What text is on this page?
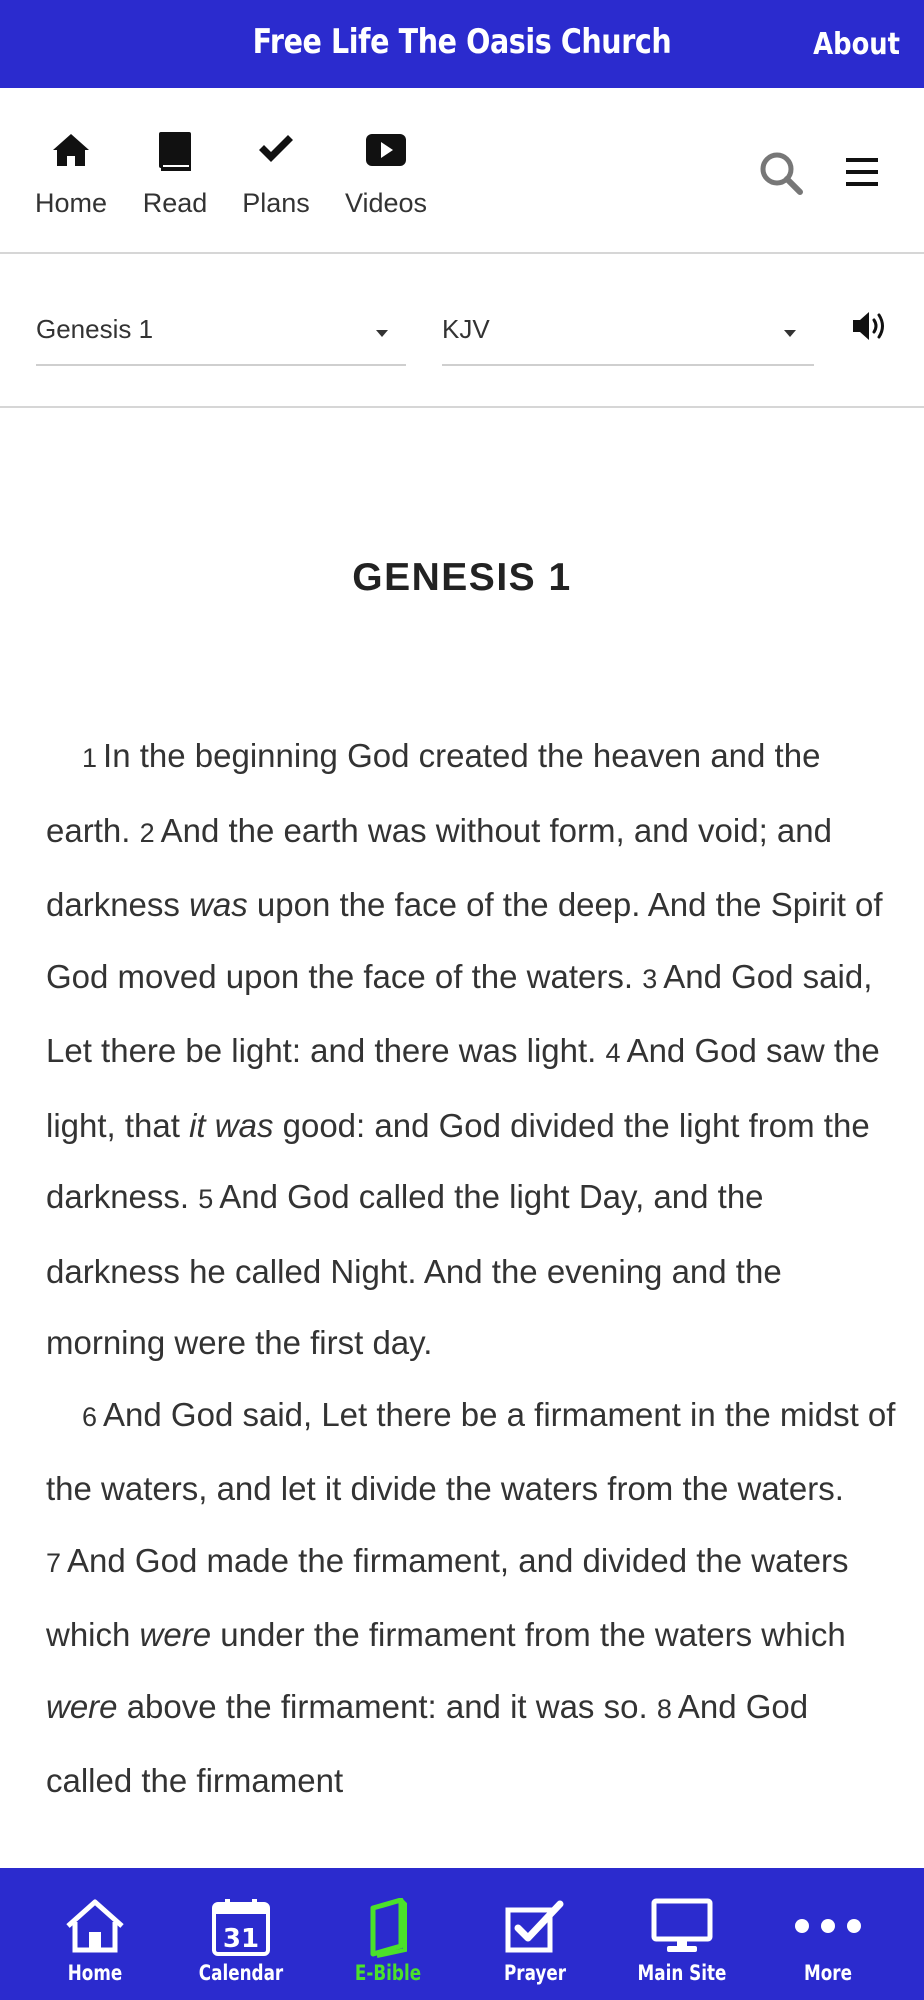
Free Life The Oasis Church	About
Home Read Plans Videos
Genesis 1	KJV
GENESIS 1

1 In the beginning God created the heaven and the earth. 2 And the earth was without form, and void; and darkness was upon the face of the deep. And the Spirit of God moved upon the face of the waters. 3 And God said, Let there be light: and there was light. 4 And God saw the light, that it was good: and God divided the light from the darkness. 5 And God called the light Day, and the darkness he called Night. And the evening and the morning were the first day.

6 And God said, Let there be a firmament in the midst of the waters, and let it divide the waters from the waters. 7 And God made the firmament, and divided the waters which were under the firmament from the waters which were above the firmament: and it was so. 8 And God called the firmament

Home
31
Calendar	E-Bible	Prayer	Main Site	More
